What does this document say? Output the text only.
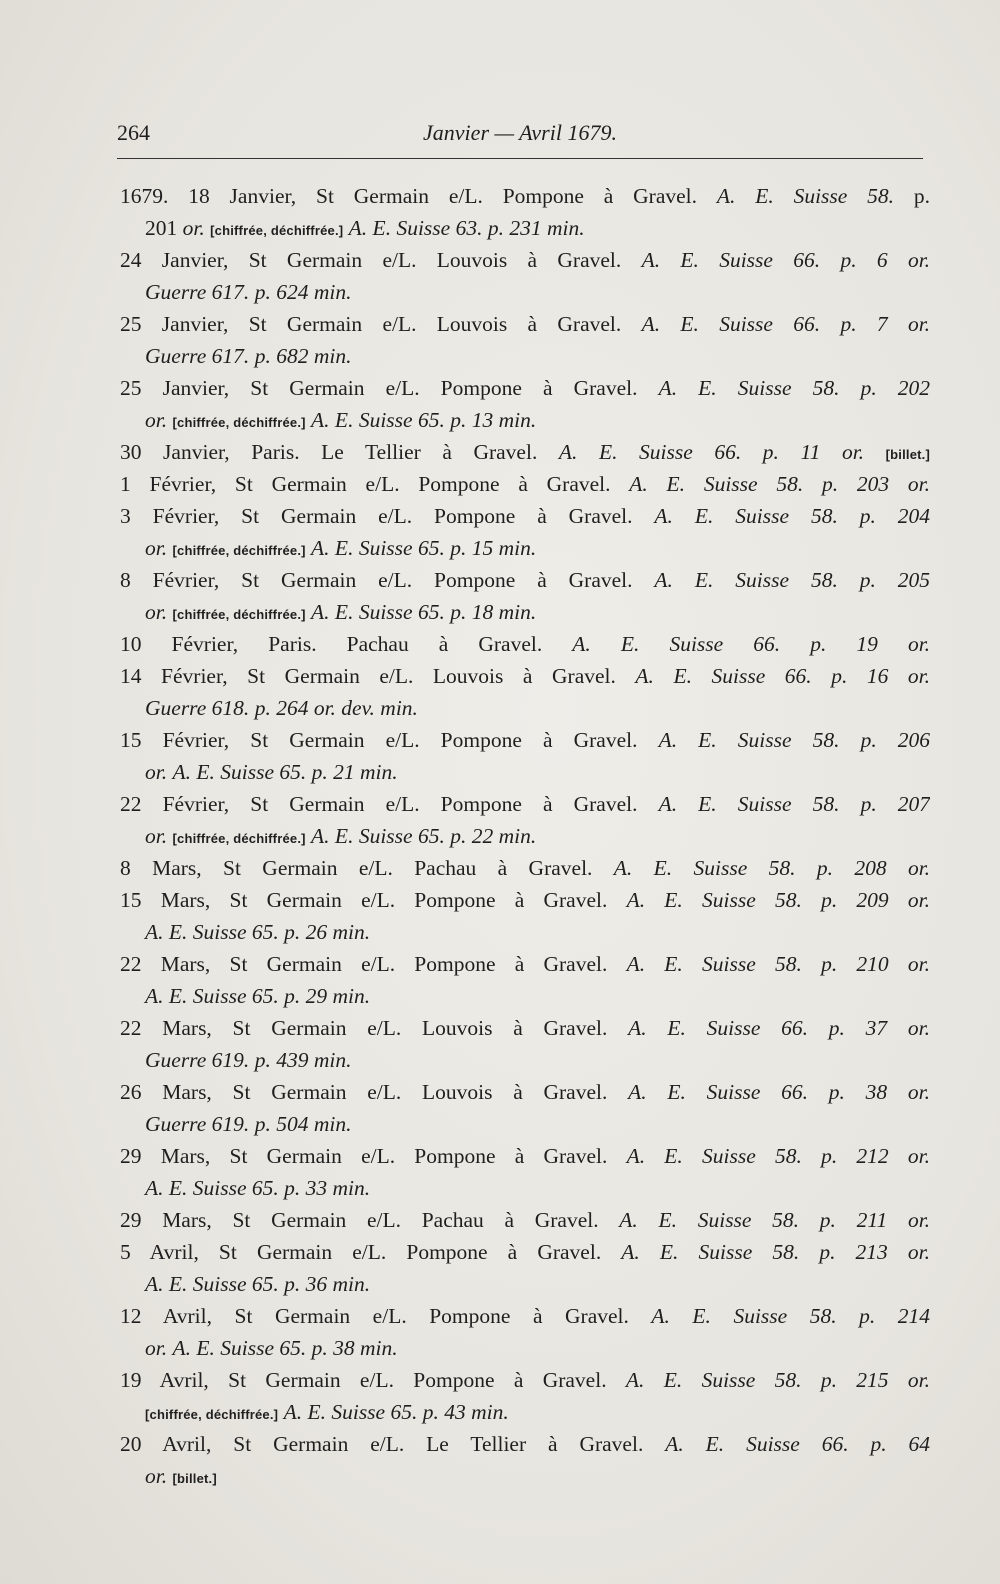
264	Janvier — Avril 1679.
1679. 18 Janvier, St Germain e/L. Pompone à Gravel. A. E. Suisse 58. p.
201 or. [chiffrée, déchiffrée.] A. E. Suisse 63. p. 231 min.
24 Janvier, St Germain e/L. Louvois à Gravel. A. E. Suisse 66. p. 6 or.
Guerre 617. p. 624 min.
25 Janvier, St Germain e/L. Louvois à Gravel. A. E. Suisse 66. p. 7 or.
Guerre 617. p. 682 min.
25 Janvier, St Germain e/L. Pompone à Gravel. A. E. Suisse 58. p. 202
or. [chiffrée, déchiffrée.] A. E. Suisse 65. p. 13 min.
30 Janvier, Paris. Le Tellier à Gravel. A. E. Suisse 66. p. 11 or. [billet.]
1 Février, St Germain e/L. Pompone à Gravel. A. E. Suisse 58. p. 203 or.
3 Février, St Germain e/L. Pompone à Gravel. A. E. Suisse 58. p. 204
or. [chiffrée, déchiffrée.] A. E. Suisse 65. p. 15 min.
8 Février, St Germain e/L. Pompone à Gravel. A. E. Suisse 58. p. 205
or. [chiffrée, déchiffrée.] A. E. Suisse 65. p. 18 min.
10 Février, Paris. Pachau à Gravel. A. E. Suisse 66. p. 19 or.
14 Février, St Germain e/L. Louvois à Gravel. A. E. Suisse 66. p. 16 or.
Guerre 618. p. 264 or. dev. min.
15 Février, St Germain e/L. Pompone à Gravel. A. E. Suisse 58. p. 206
or. A. E. Suisse 65. p. 21 min.
22 Février, St Germain e/L. Pompone à Gravel. A. E. Suisse 58. p. 207
or. [chiffrée, déchiffrée.] A. E. Suisse 65. p. 22 min.
8 Mars, St Germain e/L. Pachau à Gravel. A. E. Suisse 58. p. 208 or.
15 Mars, St Germain e/L. Pompone à Gravel. A. E. Suisse 58. p. 209 or.
A. E. Suisse 65. p. 26 min.
22 Mars, St Germain e/L. Pompone à Gravel. A. E. Suisse 58. p. 210 or.
A. E. Suisse 65. p. 29 min.
22 Mars, St Germain e/L. Louvois à Gravel. A. E. Suisse 66. p. 37 or.
Guerre 619. p. 439 min.
26 Mars, St Germain e/L. Louvois à Gravel. A. E. Suisse 66. p. 38 or.
Guerre 619. p. 504 min.
29 Mars, St Germain e/L. Pompone à Gravel. A. E. Suisse 58. p. 212 or.
A. E. Suisse 65. p. 33 min.
29 Mars, St Germain e/L. Pachau à Gravel. A. E. Suisse 58. p. 211 or.
5 Avril, St Germain e/L. Pompone à Gravel. A. E. Suisse 58. p. 213 or.
A. E. Suisse 65. p. 36 min.
12 Avril, St Germain e/L. Pompone à Gravel. A. E. Suisse 58. p. 214
or. A. E. Suisse 65. p. 38 min.
19 Avril, St Germain e/L. Pompone à Gravel. A. E. Suisse 58. p. 215 or.
[chiffrée, déchiffrée.] A. E. Suisse 65. p. 43 min.
20 Avril, St Germain e/L. Le Tellier à Gravel. A. E. Suisse 66. p. 64
or. [billet.]
